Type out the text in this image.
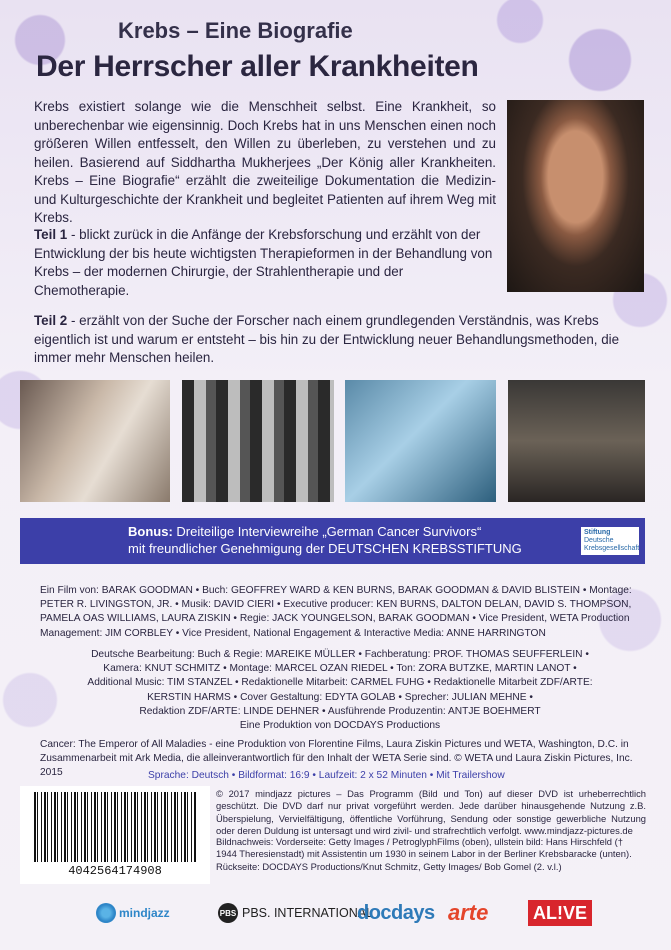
Krebs – Eine Biografie
Der Herrscher aller Krankheiten
Krebs existiert solange wie die Menschheit selbst. Eine Krankheit, so unberechenbar wie eigensinnig. Doch Krebs hat in uns Menschen einen noch größeren Willen entfesselt, den Willen zu überleben, zu verstehen und zu heilen. Basierend auf Siddhartha Mukherjees „Der König aller Krankheiten. Krebs – Eine Biografie“ erzählt die zweiteilige Dokumentation die Medizin- und Kulturgeschichte der Krankheit und begleitet Patienten auf ihrem Weg mit Krebs.
Teil 1 - blickt zurück in die Anfänge der Krebsforschung und erzählt von der Entwicklung der bis heute wichtigsten Therapieformen in der Behandlung von Krebs – der modernen Chirurgie, der Strahlentherapie und der Chemotherapie.
Teil 2 - erzählt von der Suche der Forscher nach einem grundlegenden Verständnis, was Krebs eigentlich ist und warum er entsteht – bis hin zu der Entwicklung neuer Behandlungsmethoden, die immer mehr Menschen heilen.
Bonus: Dreiteilige Interviewreihe „German Cancer Survivors“
mit freundlicher Genehmigung der DEUTSCHEN KREBSSTIFTUNG
Stiftung
Deutsche Krebsgesellschaft
Ein Film von: BARAK GOODMAN • Buch: GEOFFREY WARD & KEN BURNS, BARAK GOODMAN & DAVID BLISTEIN • Montage: PETER R. LIVINGSTON, JR. • Musik: DAVID CIERI • Executive producer: KEN BURNS, DALTON DELAN, DAVID S. THOMPSON, PAMELA OAS WILLIAMS, LAURA ZISKIN • Regie: JACK YOUNGELSON, BARAK GOODMAN • Vice President, WETA Production Management: JIM CORBLEY • Vice President, National Engagement & Interactive Media: ANNE HARRINGTON
Deutsche Bearbeitung: Buch & Regie: MAREIKE MÜLLER • Fachberatung: PROF. THOMAS SEUFFERLEIN •
Kamera: KNUT SCHMITZ • Montage: MARCEL OZAN RIEDEL • Ton: ZORA BUTZKE, MARTIN LANOT •
Additional Music: TIM STANZEL • Redaktionelle Mitarbeit: CARMEL FUHG • Redaktionelle Mitarbeit ZDF/ARTE:
KERSTIN HARMS • Cover Gestaltung: EDYTA GOLAB • Sprecher: JULIAN MEHNE •
Redaktion ZDF/ARTE: LINDE DEHNER • Ausführende Produzentin: ANTJE BOEHMERT
Eine Produktion von DOCDAYS Productions
Cancer: The Emperor of All Maladies - eine Produktion von Florentine Films, Laura Ziskin Pictures und WETA, Washington, D.C. in Zusammenarbeit mit Ark Media, die alleinverantwortlich für den Inhalt der WETA Serie sind. © WETA und Laura Ziskin Pictures, Inc. 2015	Sprache: Deutsch • Bildformat: 16:9 • Laufzeit: 2 x 52 Minuten • Mit Trailershow
4042564174908
© 2017 mindjazz pictures – Das Programm (Bild und Ton) auf dieser DVD ist urheberrechtlich geschützt. Die DVD darf nur privat vorgeführt werden. Jede darüber hinausgehende Nutzung z.B. Überspielung, Vervielfältigung, öffentliche Vorführung, Sendung oder sonstige gewerbliche Nutzung oder deren Duldung ist untersagt und wird zivil- und strafrechtlich verfolgt. www.mindjazz-pictures.de
Bildnachweis: Vorderseite: Getty Images / PetroglyphFilms (oben), ullstein bild: Hans Hirschfeld († 1944 Theresienstadt) mit Assistentin um 1930 in seinem Labor in der Berliner Krebsbaracke (unten). Rückseite: DOCDAYS Productions/Knut Schmitz, Getty Images/ Bob Gomel (2. v.l.)
mindjazz	PBS PBS. INTERNATIONAL
docdays arte AL!VE
